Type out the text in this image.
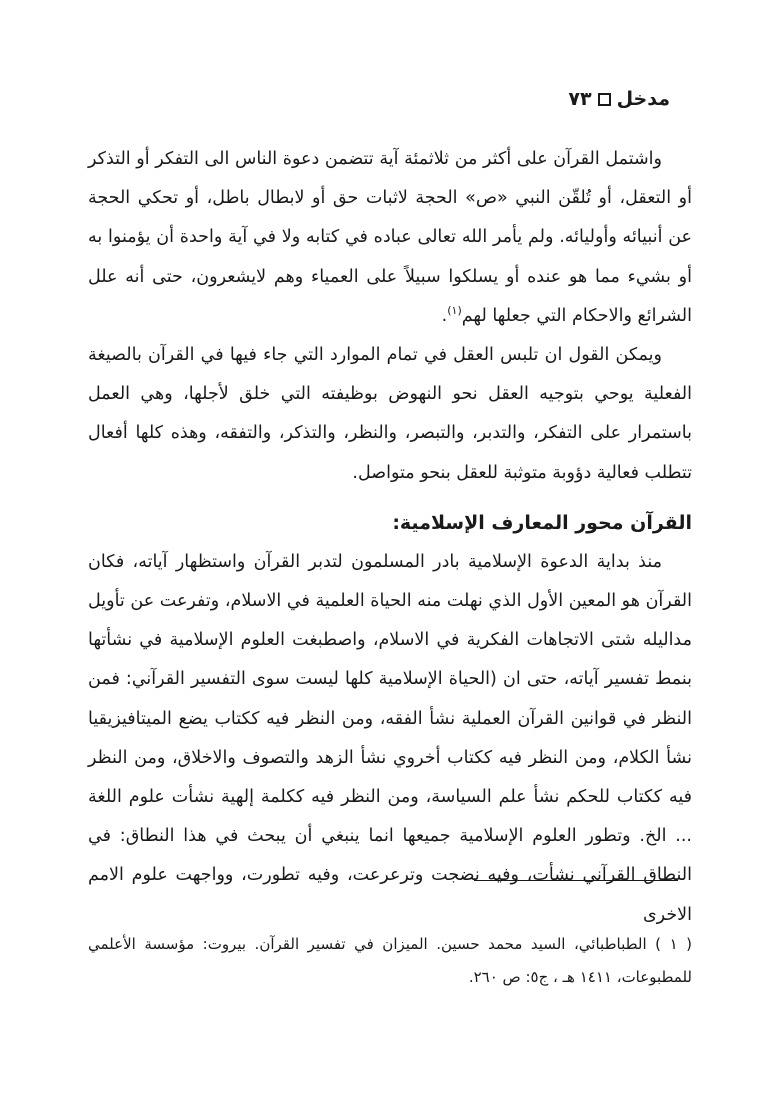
مدخل
٧٣

واشتمل القرآن على أكثر من ثلاثمئة آية تتضمن دعوة الناس الى التفكر أو التذكر أو التعقل، أو تُلقّن النبي «ص» الحجة لاثبات حق أو لابطال باطل، أو تحكي الحجة عن أنبيائه وأوليائه. ولم يأمر الله تعالى عباده في كتابه ولا في آية واحدة أن يؤمنوا به أو بشيء مما هو عنده أو يسلكوا سبيلاً على العمياء وهم لايشعرون، حتى أنه علل الشرائع والاحكام التي جعلها لهم$^{(١)}$.

ويمكن القول ان تلبس العقل في تمام الموارد التي جاء فيها في القرآن بالصيغة الفعلية يوحي بتوجيه العقل نحو النهوض بوظيفته التي خلق لأجلها، وهي العمل باستمرار على التفكر، والتدبر، والتبصر، والنظر، والتذكر، والتفقه، وهذه كلها أفعال تتطلب فعالية دؤوبة متوثبة للعقل بنحو متواصل.

القرآن محور المعارف الإسلامية:

منذ بداية الدعوة الإسلامية بادر المسلمون لتدبر القرآن واستظهار آياته، فكان القرآن هو المعين الأول الذي نهلت منه الحياة العلمية في الاسلام، وتفرعت عن تأويل مداليله شتى الاتجاهات الفكرية في الاسلام، واصطبغت العلوم الإسلامية في نشأتها بنمط تفسير آياته، حتى ان (الحياة الإسلامية كلها ليست سوى التفسير القرآني: فمن النظر في قوانين القرآن العملية نشأ الفقه، ومن النظر فيه ككتاب يضع الميتافيزيقيا نشأ الكلام، ومن النظر فيه ككتاب أخروي نشأ الزهد والتصوف والاخلاق، ومن النظر فيه ككتاب للحكم نشأ علم السياسة، ومن النظر فيه ككلمة إلهية نشأت علوم اللغة ... الخ. وتطور العلوم الإسلامية جميعها انما ينبغي أن يبحث في هذا النطاق: في النطاق القرآني نشأت، وفيه نضجت وترعرعت، وفيه تطورت، وواجهت علوم الامم الاخرى

( ١ ) الطباطبائي، السيد محمد حسين. الميزان في تفسير القرآن. بيروت: مؤسسة الأعلمي للمطبوعات، ١٤١١ هـ ، ج٥: ص ٢٦٠.
